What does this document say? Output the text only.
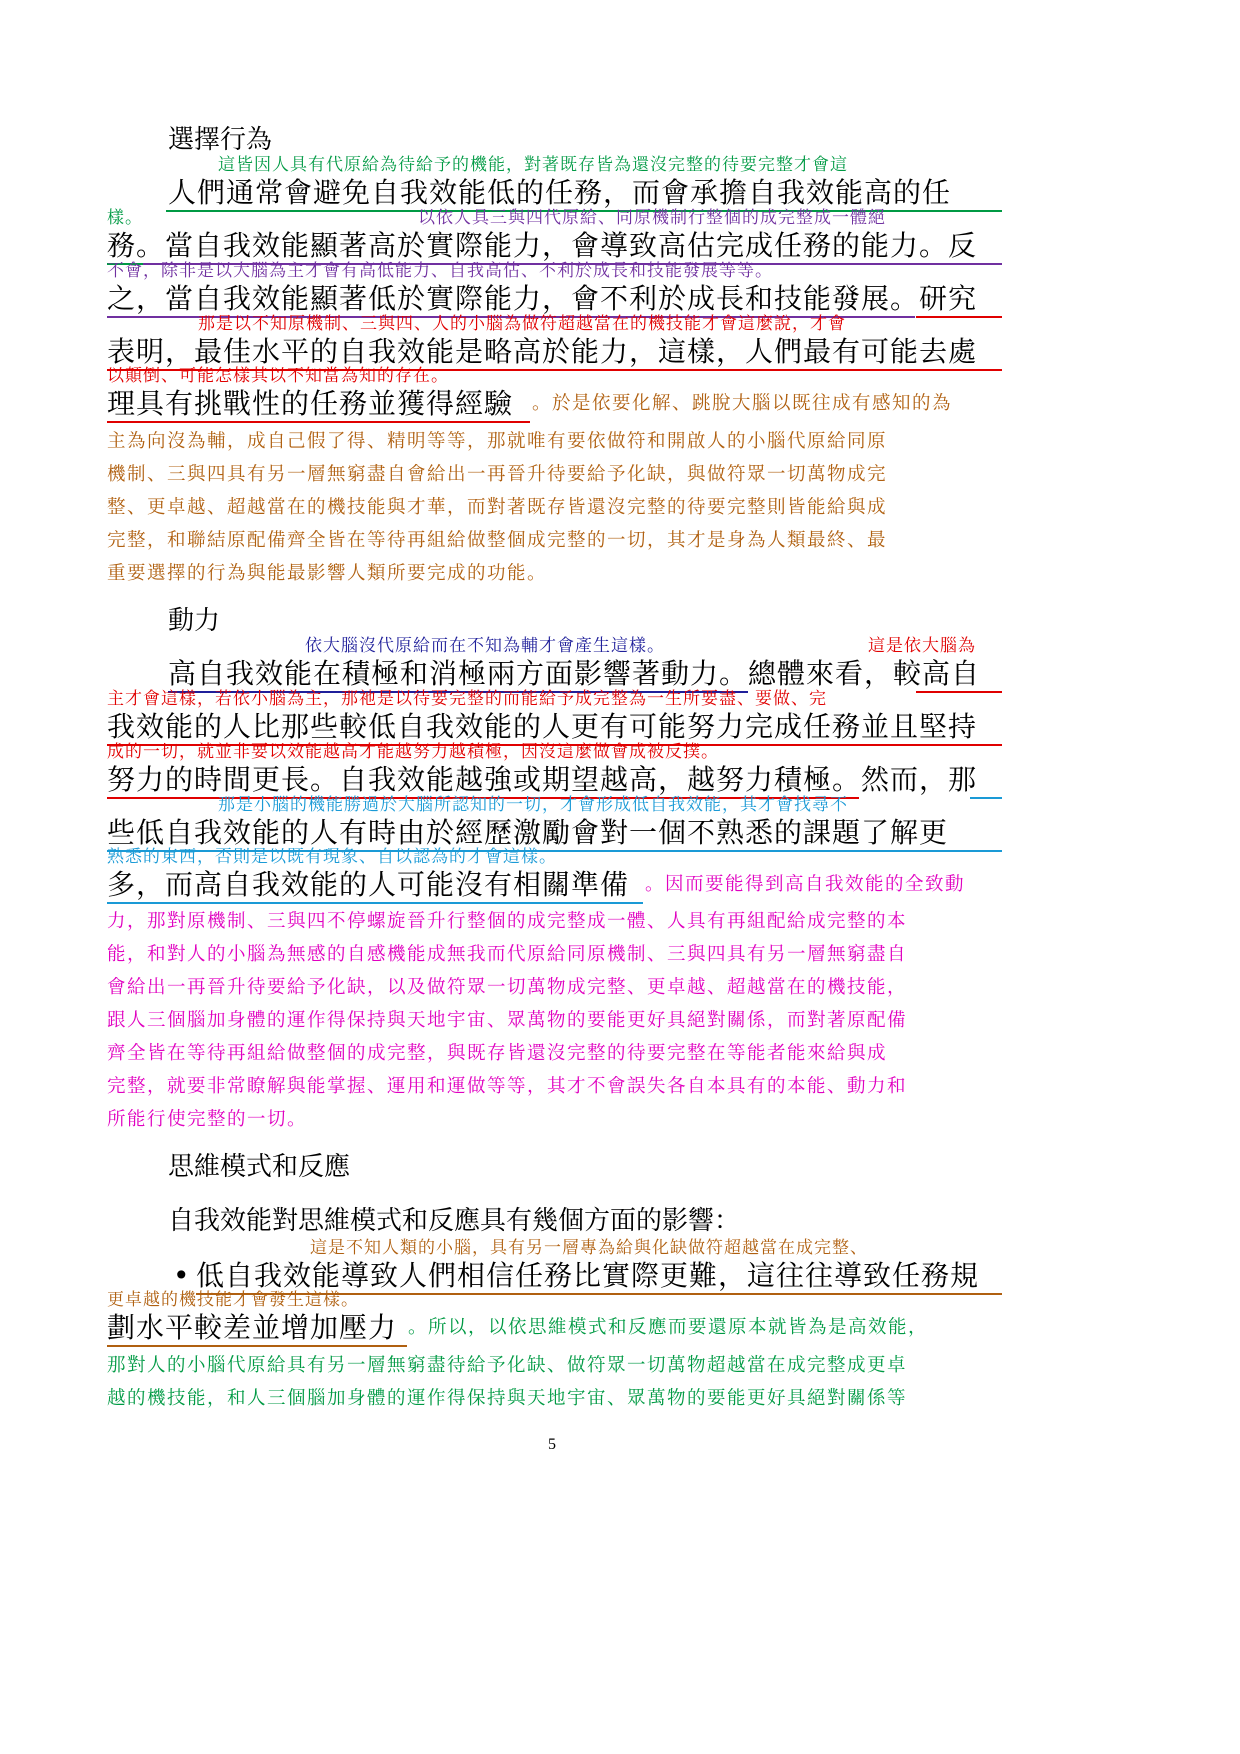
選擇行為
這皆因人具有代原給為待給予的機能，對著既存皆為還沒完整的待要完整才會這
人們通常會避免自我效能低的任務，而會承擔自我效能高的任
樣。	以依人具三與四代原給、同原機制行整個的成完整成一體絕
務。當自我效能顯著高於實際能力，會導致高估完成任務的能力。反
不會，除非是以大腦為主才會有高低能力、自我高估、不利於成長和技能發展等等。
之，當自我效能顯著低於實際能力，會不利於成長和技能發展。研究
那是以不知原機制、三與四、人的小腦為做符超越當在的機技能才會這麼說，才會
表明，最佳水平的自我效能是略高於能力，這樣，人們最有可能去處
以顛倒、可能怎樣其以不知當為知的存在。
理具有挑戰性的任務並獲得經驗 。於是依要化解、跳脫大腦以既往成有感知的為
主為向沒為輔，成自己假了得、精明等等，那就唯有要依做符和開啟人的小腦代原給同原
機制、三與四具有另一層無窮盡自會給出一再晉升待要給予化缺，與做符眾一切萬物成完
整、更卓越、超越當在的機技能與才華，而對著既存皆還沒完整的待要完整則皆能給與成
完整，和聯結原配備齊全皆在等待再組給做整個成完整的一切，其才是身為人類最終、最
重要選擇的行為與能最影響人類所要完成的功能。
動力
依大腦沒代原給而在不知為輔才會產生這樣。	這是依大腦為
高自我效能在積極和消極兩方面影響著動力。總體來看，較高自
主才會這樣，若依小腦為主，那祂是以待要完整的而能給予成完整為一生所要盡、要做、完
我效能的人比那些較低自我效能的人更有可能努力完成任務並且堅持
成的一切，就並非要以效能越高才能越努力越積極，因沒這麼做會成被反撲。
努力的時間更長。自我效能越強或期望越高，越努力積極。然而，那
那是小腦的機能勝過於大腦所認知的一切，才會形成低自我效能，其才會找尋不
些低自我效能的人有時由於經歷激勵會對一個不熟悉的課題了解更
熟悉的東西，否則是以既有現象、自以認為的才會這樣。
多，而高自我效能的人可能沒有相關準備 。因而要能得到高自我效能的全致動
力，那對原機制、三與四不停螺旋晉升行整個的成完整成一體、人具有再組配給成完整的本
能，和對人的小腦為無感的自感機能成無我而代原給同原機制、三與四具有另一層無窮盡自
會給出一再晉升待要給予化缺，以及做符眾一切萬物成完整、更卓越、超越當在的機技能，
跟人三個腦加身體的運作得保持與天地宇宙、眾萬物的要能更好具絕對關係，而對著原配備
齊全皆在等待再組給做整個的成完整，與既存皆還沒完整的待要完整在等能者能來給與成
完整，就要非常瞭解與能掌握、運用和運做等等，其才不會誤失各自本具有的本能、動力和
所能行使完整的一切。
思維模式和反應
自我效能對思維模式和反應具有幾個方面的影響：
這是不知人類的小腦，具有另一層專為給與化缺做符超越當在成完整、
• 低自我效能導致人們相信任務比實際更難，這往往導致任務規
更卓越的機技能才會發生這樣。
劃水平較差並增加壓力 。所以，以依思維模式和反應而要還原本就皆為是高效能，
那對人的小腦代原給具有另一層無窮盡待給予化缺、做符眾一切萬物超越當在成完整成更卓
越的機技能，和人三個腦加身體的運作得保持與天地宇宙、眾萬物的要能更好具絕對關係等
5
